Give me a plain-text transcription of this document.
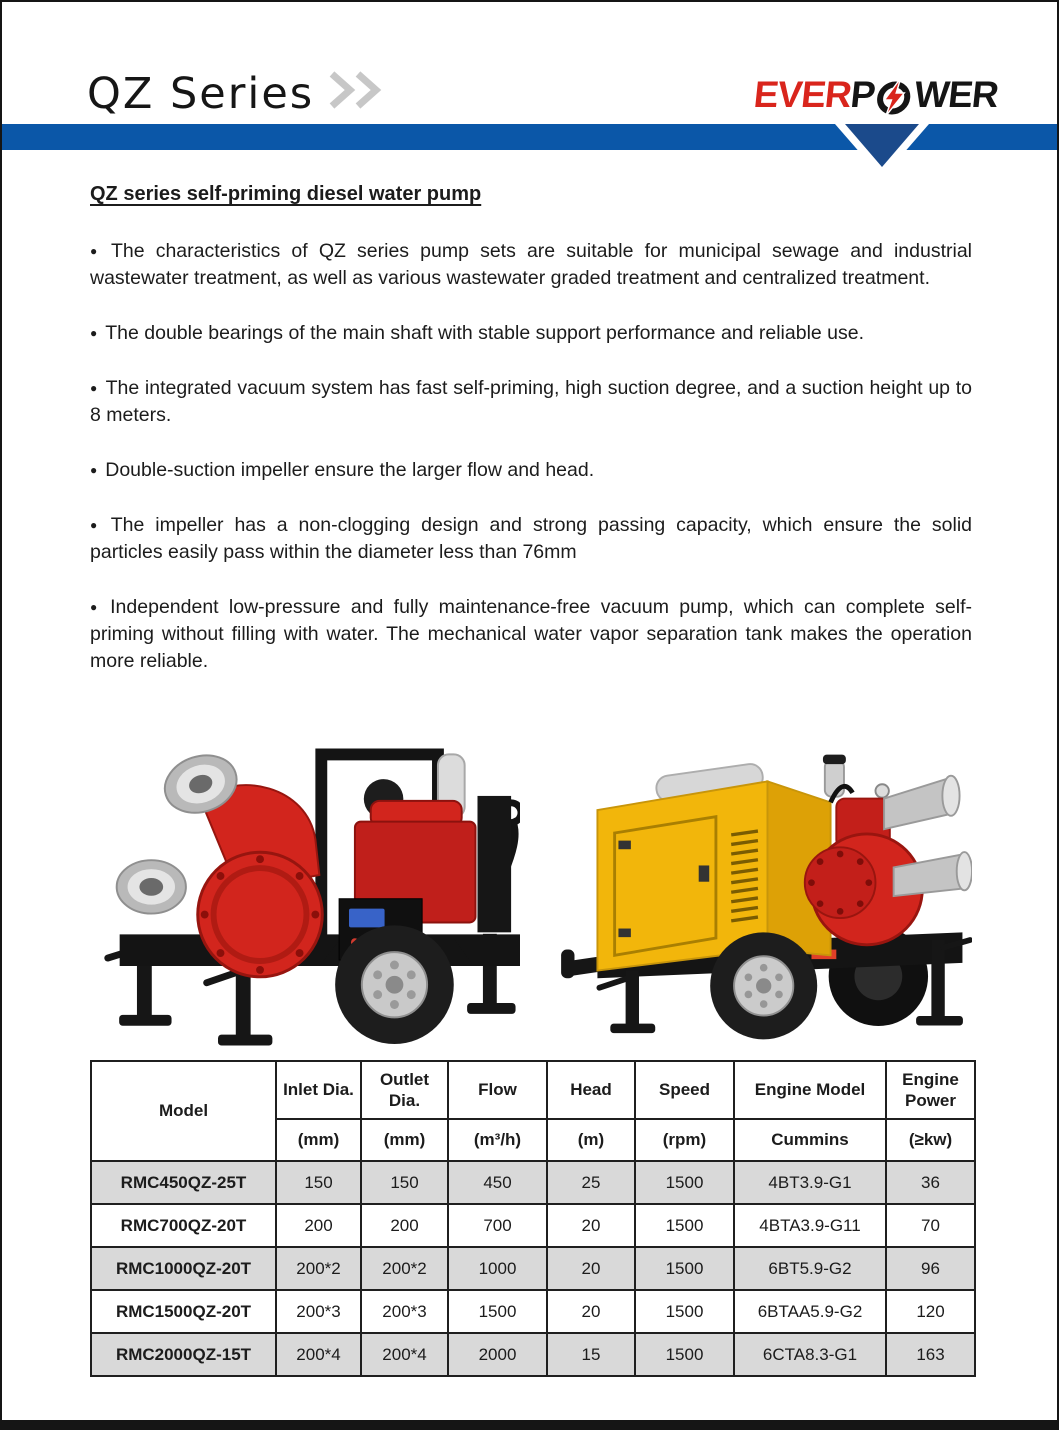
QZ Series	EVER
P WER
QZ series self-priming diesel water pump

● The characteristics of QZ series pump sets are suitable for municipal sewage and industrial wastewater treatment, as well as various wastewater graded treatment and centralized treatment.

● The double bearings of the main shaft with stable support performance and reliable use.

● The integrated vacuum system has fast self-priming, high suction degree, and a suction height up to 8 meters.

● Double-suction impeller ensure the larger flow and head.

● The impeller has a non-clogging design and strong passing capacity, which ensure the solid particles easily pass within the diameter less than 76mm

● Independent low-pressure and fully maintenance-free vacuum pump, which can complete self-priming without filling with water. The mechanical water vapor separation tank makes the operation more reliable.

Model	Inlet Dia.	Outlet Dia.	Flow	Head	Speed	Engine Model	Engine Power
	(mm)	(mm)	(m³/h)	(m)	(rpm)	Cummins	(≥kw)
RMC450QZ-25T	150	150	450	25	1500	4BT3.9-G1	36
RMC700QZ-20T	200	200	700	20	1500	4BTA3.9-G11	70
RMC1000QZ-20T	200*2	200*2	1000	20	1500	6BT5.9-G2	96
RMC1500QZ-20T	200*3	200*3	1500	20	1500	6BTAA5.9-G2	120
RMC2000QZ-15T	200*4	200*4	2000	15	1500	6CTA8.3-G1	163
